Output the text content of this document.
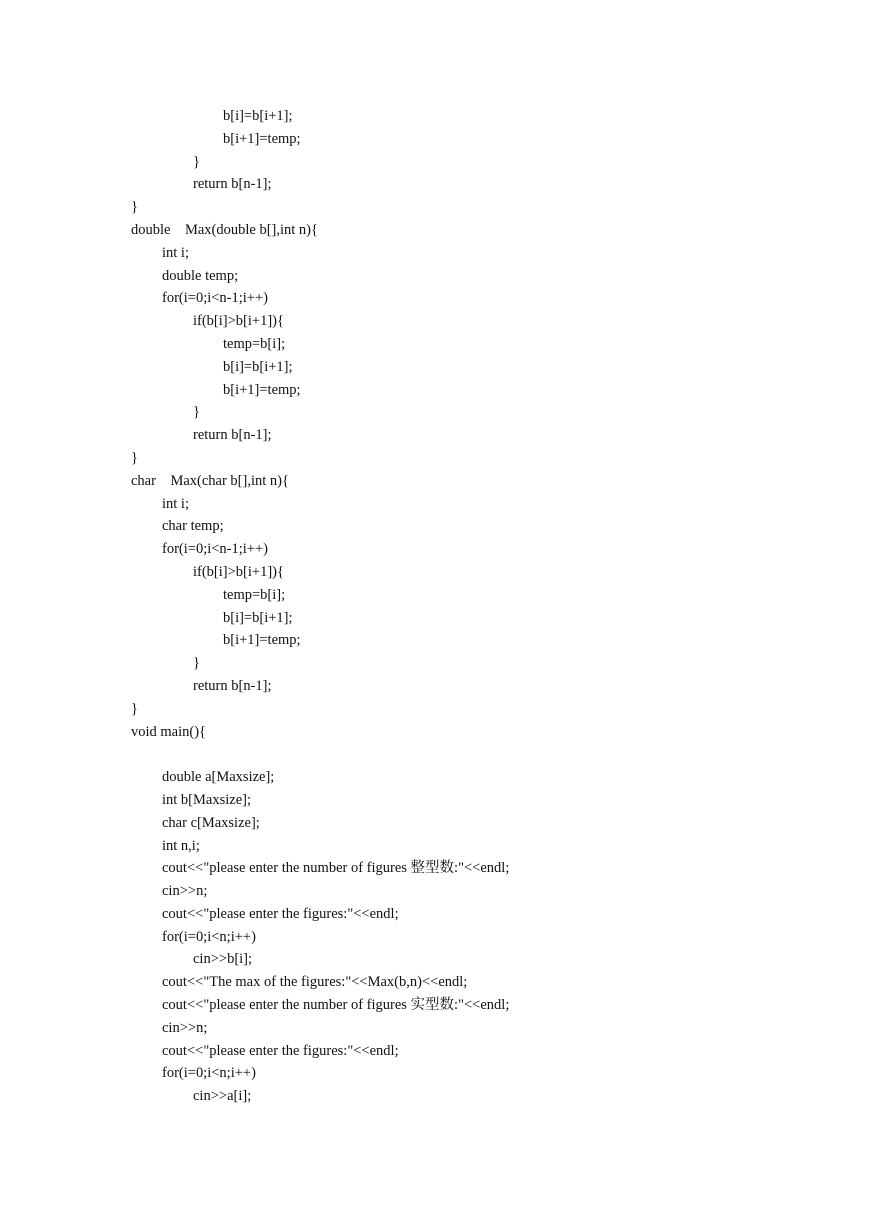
b[i]=b[i+1];
b[i+1]=temp;
}
return b[n-1];
}
double    Max(double b[],int n){
int i;
double temp;
for(i=0;i<n-1;i++)
if(b[i]>b[i+1]){
temp=b[i];
b[i]=b[i+1];
b[i+1]=temp;
}
return b[n-1];
}
char    Max(char b[],int n){
int i;
char temp;
for(i=0;i<n-1;i++)
if(b[i]>b[i+1]){
temp=b[i];
b[i]=b[i+1];
b[i+1]=temp;
}
return b[n-1];
}
void main(){
double a[Maxsize];
int b[Maxsize];
char c[Maxsize];
int n,i;
cout<<"please enter the number of figures 整型数:"<<endl;
cin>>n;
cout<<"please enter the figures:"<<endl;
for(i=0;i<n;i++)
cin>>b[i];
cout<<"The max of the figures:"<<Max(b,n)<<endl;
cout<<"please enter the number of figures 实型数:"<<endl;
cin>>n;
cout<<"please enter the figures:"<<endl;
for(i=0;i<n;i++)
cin>>a[i];
